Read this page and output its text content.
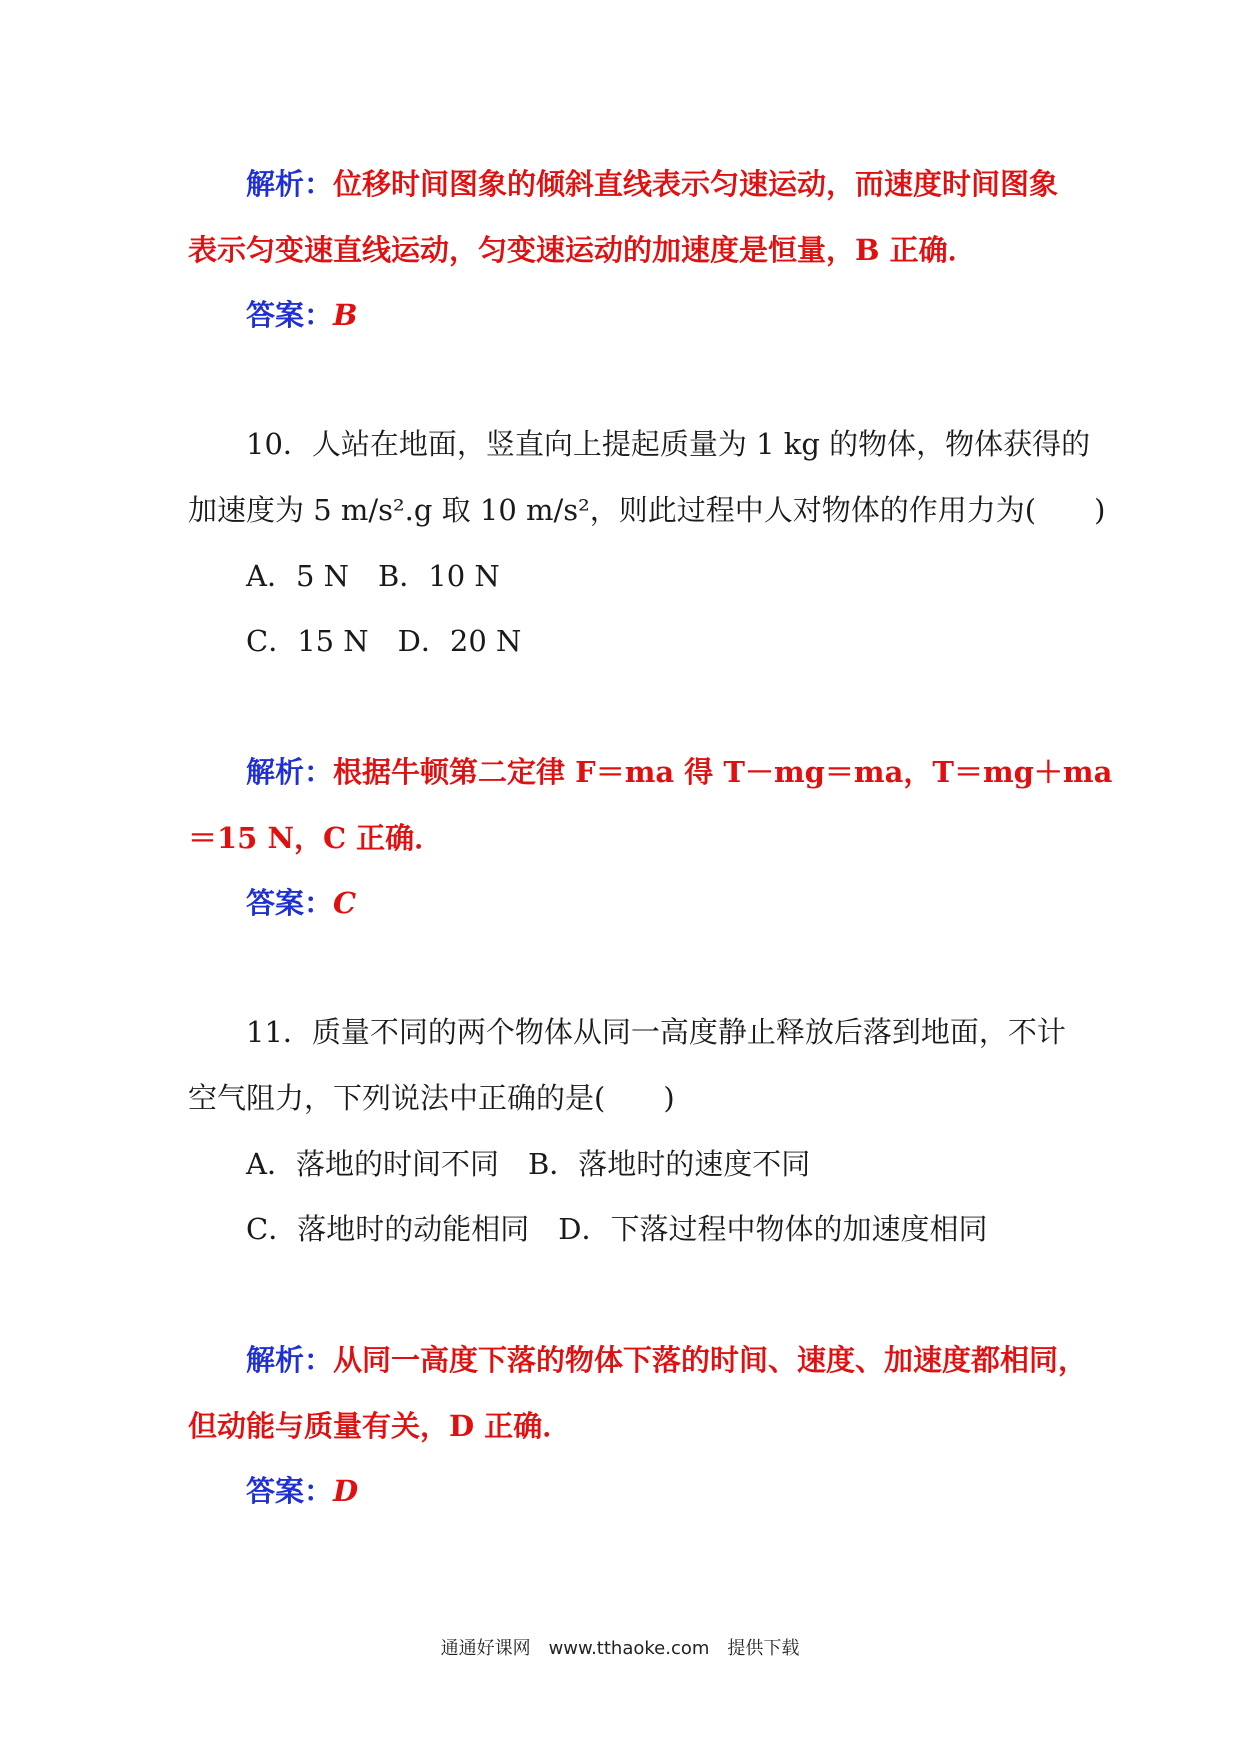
解析：位移时间图象的倾斜直线表示匀速运动，而速度时间图象
表示匀变速直线运动，匀变速运动的加速度是恒量，B 正确．
答案：B
10．人站在地面，竖直向上提起质量为 1 kg 的物体，物体获得的
加速度为 5 m/s².g 取 10 m/s²，则此过程中人对物体的作用力为(　　)
A．5 N　B．10 N
C．15 N　D．20 N
解析：根据牛顿第二定律 F＝ma 得 T－mg＝ma，T＝mg＋ma
＝15 N，C 正确．
答案：C
11．质量不同的两个物体从同一高度静止释放后落到地面，不计
空气阻力，下列说法中正确的是(　　)
A．落地的时间不同　B．落地时的速度不同
C．落地时的动能相同　D．下落过程中物体的加速度相同
解析：从同一高度下落的物体下落的时间、速度、加速度都相同，
但动能与质量有关，D 正确．
答案：D
通通好课网　www.tthaoke.com　提供下载
